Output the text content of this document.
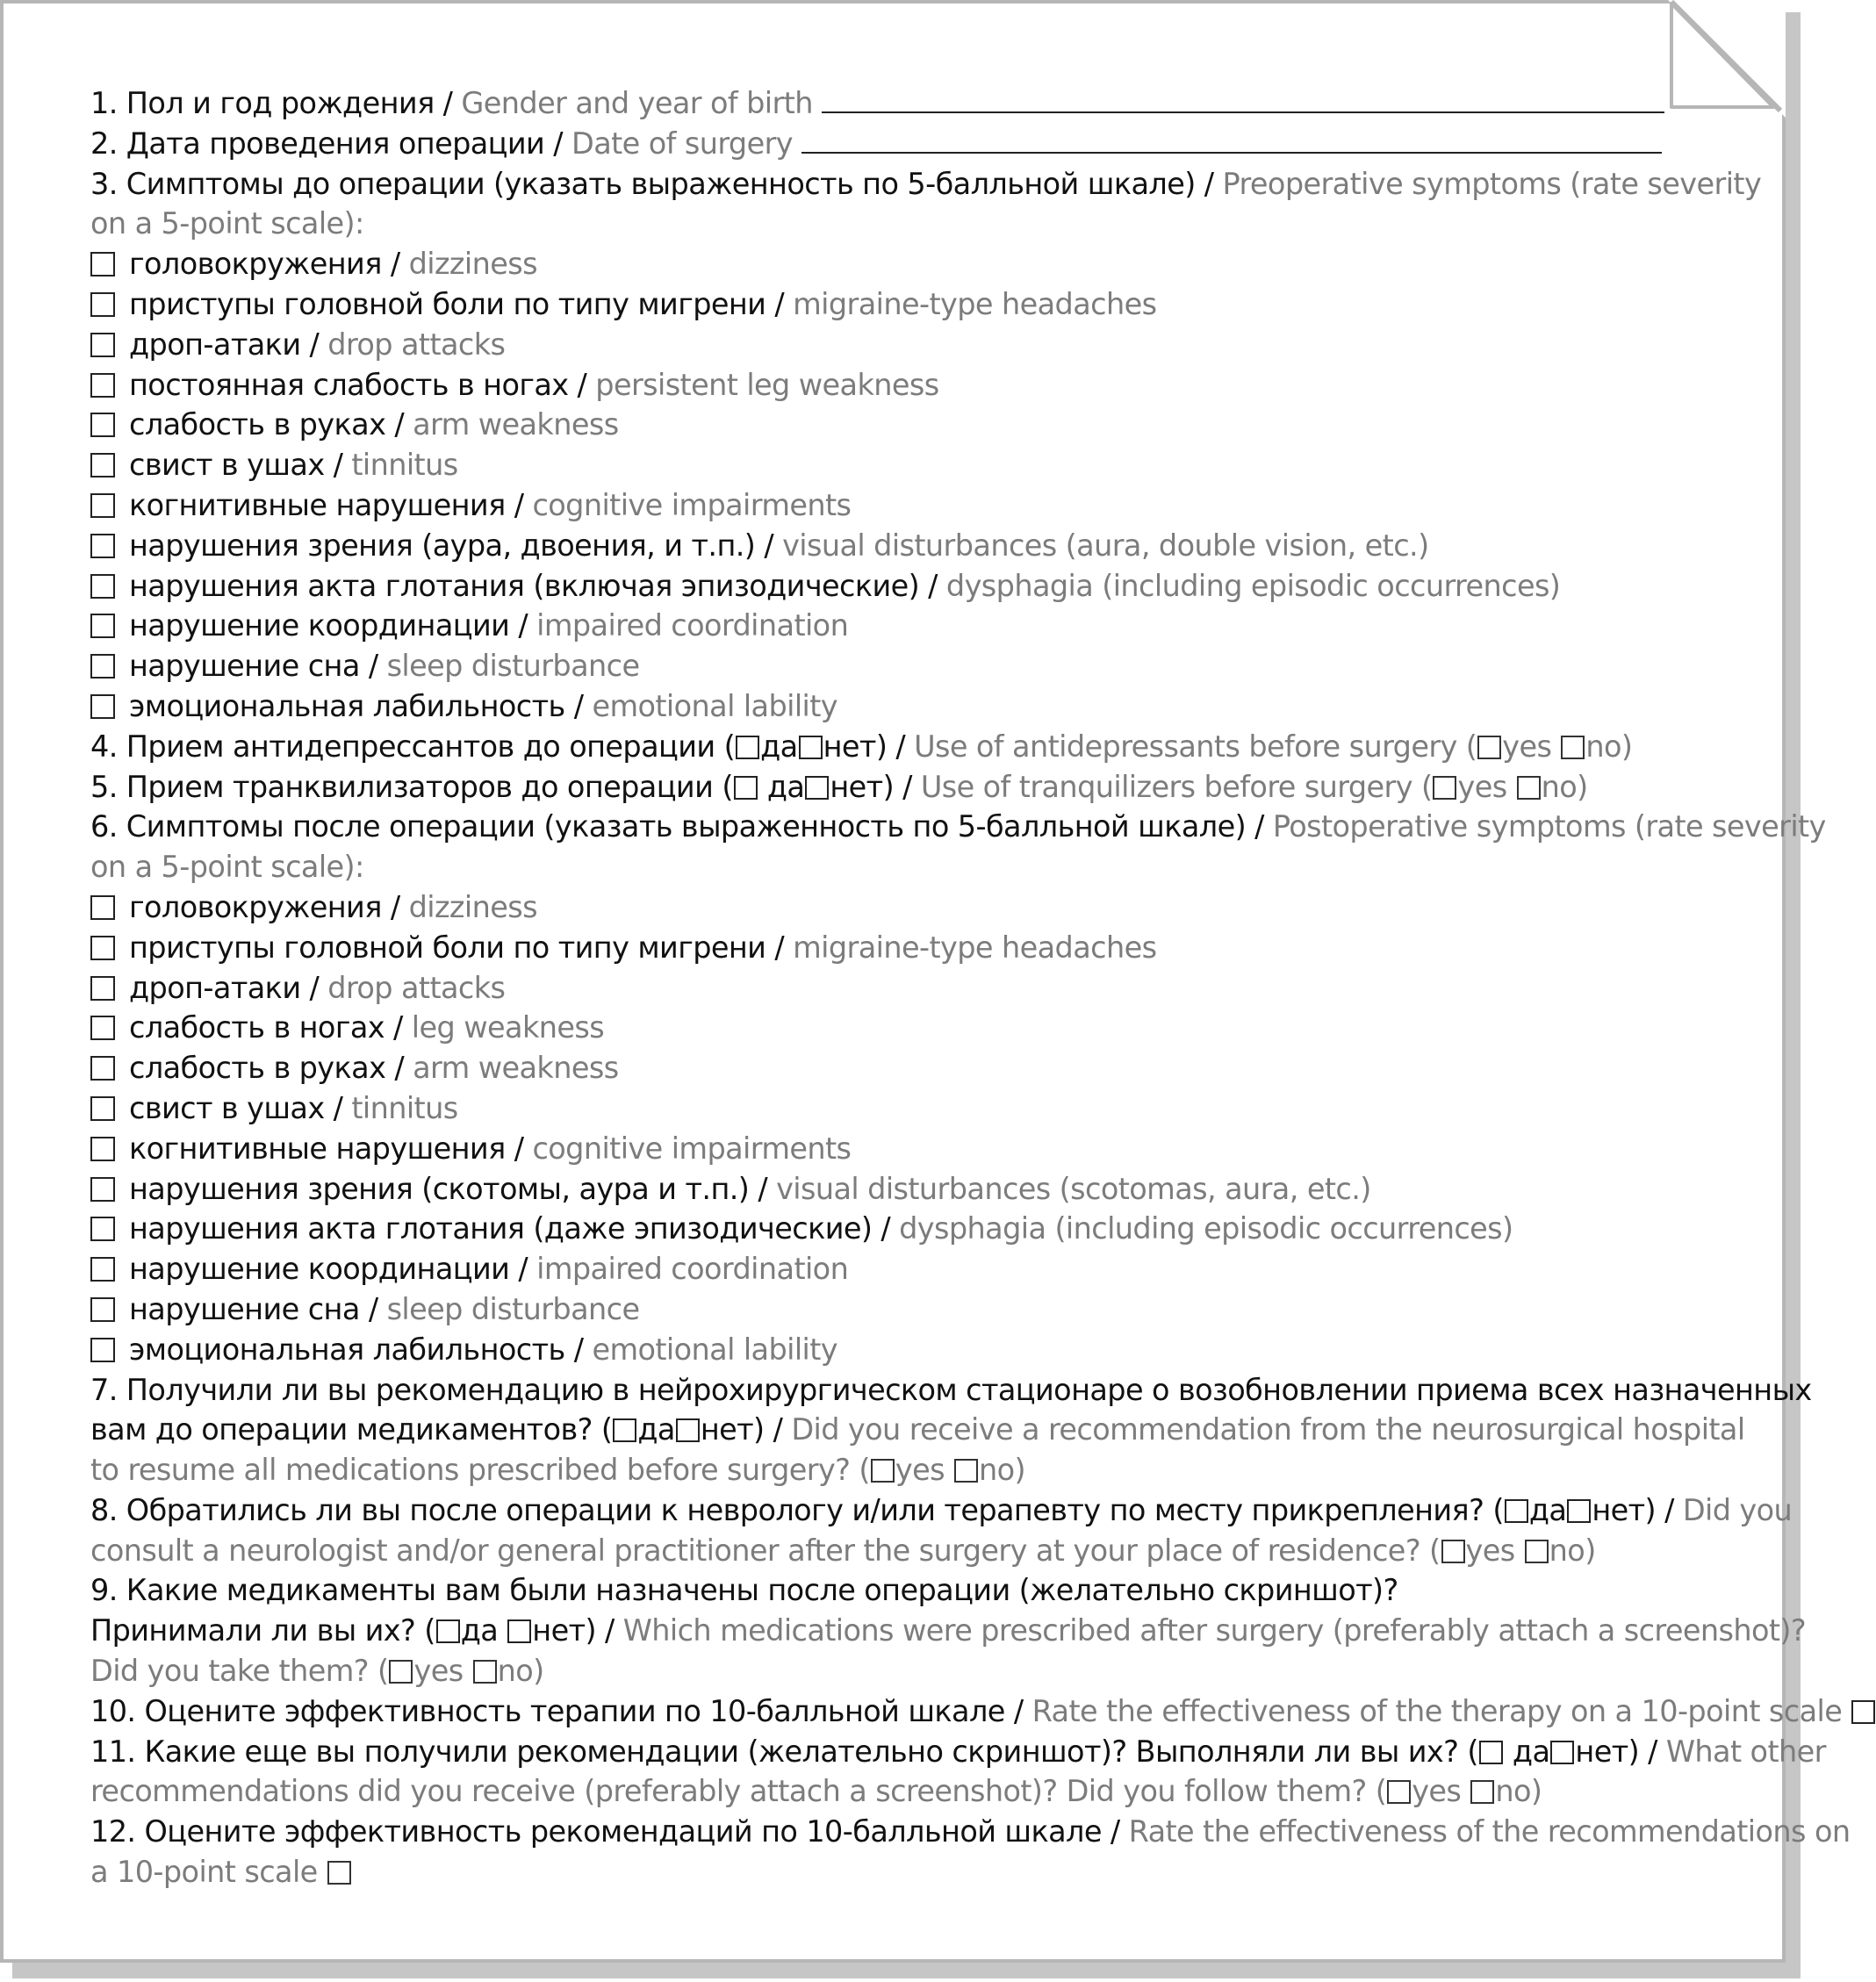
1. Пол и год рождения / Gender and year of birth
2. Дата проведения операции / Date of surgery
3. Симптомы до операции (указать выраженность по 5-балльной шкале) / Preoperative symptoms (rate severity
on a 5-point scale):
головокружения / dizziness
приступы головной боли по типу мигрени / migraine-type headaches
дроп-атаки / drop attacks
постоянная слабость в ногах / persistent leg weakness
слабость в руках / arm weakness
свист в ушах / tinnitus
когнитивные нарушения / cognitive impairments
нарушения зрения (аура, двоения, и т.п.) / visual disturbances (aura, double vision, etc.)
нарушения акта глотания (включая эпизодические) / dysphagia (including episodic occurrences)
нарушение координации / impaired coordination
нарушение сна / sleep disturbance
эмоциональная лабильность / emotional lability
4. Прием антидепрессантов до операции ( да нет) / Use of antidepressants before surgery ( yes no)
5. Прием транквилизаторов до операции ( да нет) / Use of tranquilizers before surgery ( yes no)
6. Симптомы после операции (указать выраженность по 5-балльной шкале) / Postoperative symptoms (rate severity
on a 5-point scale):
головокружения / dizziness
приступы головной боли по типу мигрени / migraine-type headaches
дроп-атаки / drop attacks
слабость в ногах / leg weakness
слабость в руках / arm weakness
свист в ушах / tinnitus
когнитивные нарушения / cognitive impairments
нарушения зрения (скотомы, аура и т.п.) / visual disturbances (scotomas, aura, etc.)
нарушения акта глотания (даже эпизодические) / dysphagia (including episodic occurrences)
нарушение координации / impaired coordination
нарушение сна / sleep disturbance
эмоциональная лабильность / emotional lability
7. Получили ли вы рекомендацию в нейрохирургическом стационаре о возобновлении приема всех назначенных
вам до операции медикаментов? ( да нет) / Did you receive a recommendation from the neurosurgical hospital
to resume all medications prescribed before surgery? ( yes no)
8. Обратились ли вы после операции к неврологу и/или терапевту по месту прикрепления? ( да нет) / Did you
consult a neurologist and/or general practitioner after the surgery at your place of residence? ( yes no)
9. Какие медикаменты вам были назначены после операции (желательно скриншот)?
Принимали ли вы их? ( да нет) / Which medications were prescribed after surgery (preferably attach a screenshot)?
Did you take them? ( yes no)
10. Оцените эффективность терапии по 10-балльной шкале / Rate the effectiveness of the therapy on a 10-point scale
11. Какие еще вы получили рекомендации (желательно скриншот)? Выполняли ли вы их? ( да нет) / What other
recommendations did you receive (preferably attach a screenshot)? Did you follow them? ( yes no)
12. Оцените эффективность рекомендаций по 10-балльной шкале / Rate the effectiveness of the recommendations on
a 10-point scale
